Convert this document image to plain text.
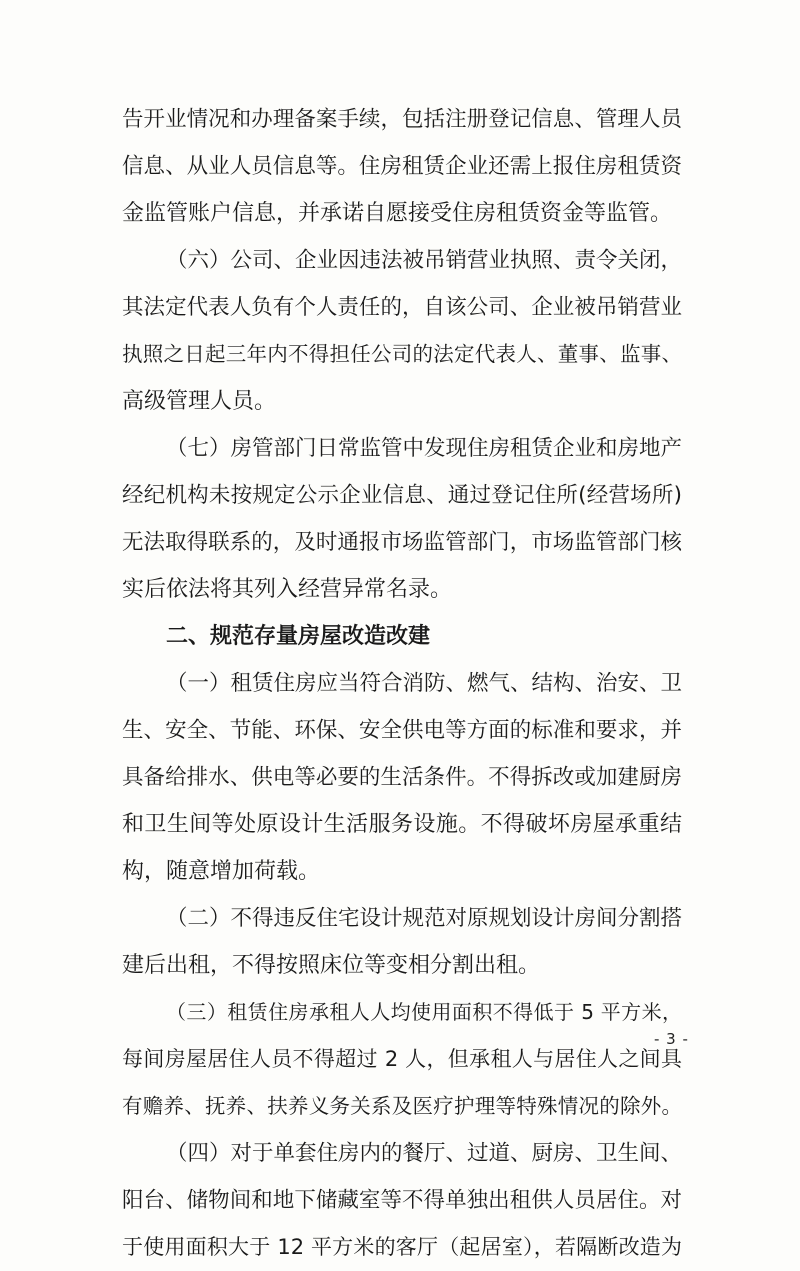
告开业情况和办理备案手续，包括注册登记信息、管理人员
信息、从业人员信息等。住房租赁企业还需上报住房租赁资
金监管账户信息，并承诺自愿接受住房租赁资金等监管。
（六）公司、企业因违法被吊销营业执照、责令关闭，
其法定代表人负有个人责任的，自该公司、企业被吊销营业
执照之日起三年内不得担任公司的法定代表人、董事、监事、
高级管理人员。
（七）房管部门日常监管中发现住房租赁企业和房地产
经纪机构未按规定公示企业信息、通过登记住所(经营场所)
无法取得联系的，及时通报市场监管部门，市场监管部门核
实后依法将其列入经营异常名录。
二、规范存量房屋改造改建
（一）租赁住房应当符合消防、燃气、结构、治安、卫
生、安全、节能、环保、安全供电等方面的标准和要求，并
具备给排水、供电等必要的生活条件。不得拆改或加建厨房
和卫生间等处原设计生活服务设施。不得破坏房屋承重结
构，随意增加荷载。
（二）不得违反住宅设计规范对原规划设计房间分割搭
建后出租，不得按照床位等变相分割出租。
（三）租赁住房承租人人均使用面积不得低于 5 平方米，
每间房屋居住人员不得超过 2 人，但承租人与居住人之间具
有赡养、抚养、扶养义务关系及医疗护理等特殊情况的除外。
（四）对于单套住房内的餐厅、过道、厨房、卫生间、
阳台、储物间和地下储藏室等不得单独出租供人员居住。对
于使用面积大于 12 平方米的客厅（起居室），若隔断改造为
- 3 -
